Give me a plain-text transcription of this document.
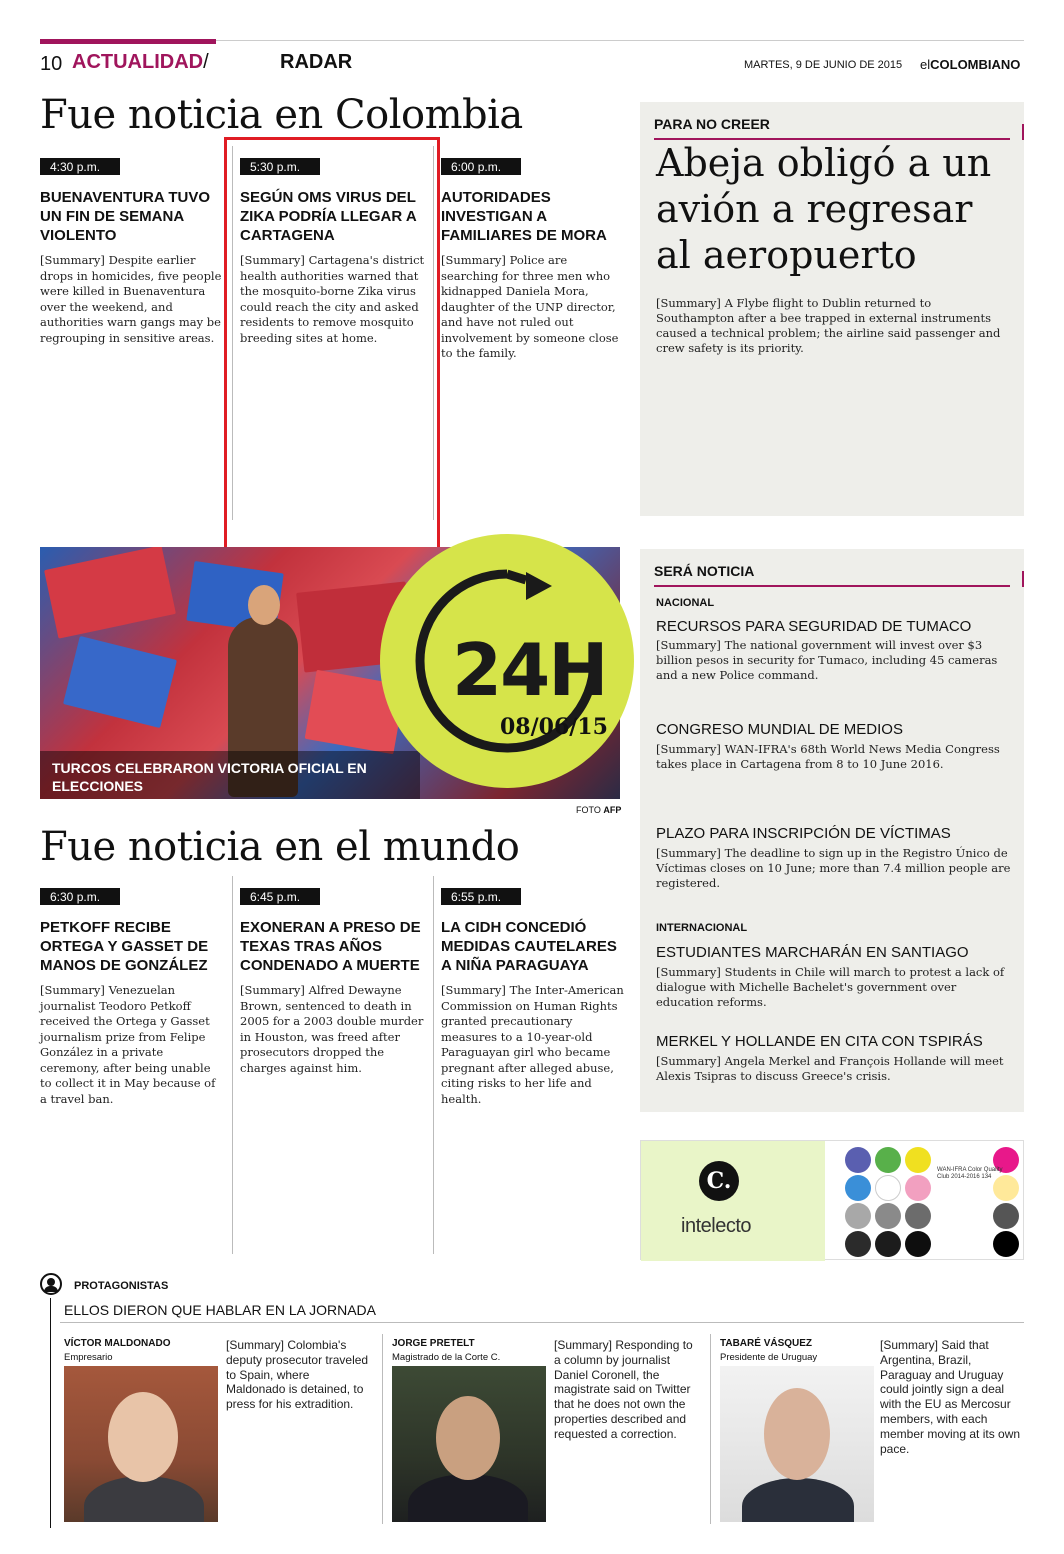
10 ACTUALIDAD/	RADAR	MARTES, 9 DE JUNIO DE 2015 elCOLOMBIANO
Fue noticia en Colombia
4:30 p.m.
BUENAVENTURA TUVO UN FIN DE SEMANA VIOLENTO
[Summary] Despite earlier drops in homicides, five people were killed in Buenaventura over the weekend, and authorities warn gangs may be regrouping in sensitive areas.
5:30 p.m.
SEGÚN OMS VIRUS DEL ZIKA PODRÍA LLEGAR A CARTAGENA
[Summary] Cartagena's district health authorities warned that the mosquito-borne Zika virus could reach the city and asked residents to remove mosquito breeding sites at home.
6:00 p.m.
AUTORIDADES INVESTIGAN A FAMILIARES DE MORA
[Summary] Police are searching for three men who kidnapped Daniela Mora, daughter of the UNP director, and have not ruled out involvement by someone close to the family.
PARA NO CREER
Abeja obligó a un avión a regresar al aeropuerto
[Summary] A Flybe flight to Dublin returned to Southampton after a bee trapped in external instruments caused a technical problem; the airline said passenger and crew safety is its priority.
TURCOS CELEBRARON VICTORIA OFICIAL EN ELECCIONES
24H
08/06/15
FOTO AFP
Fue noticia en el mundo
6:30 p.m.
PETKOFF RECIBE ORTEGA Y GASSET DE MANOS DE GONZÁLEZ
[Summary] Venezuelan journalist Teodoro Petkoff received the Ortega y Gasset journalism prize from Felipe González in a private ceremony, after being unable to collect it in May because of a travel ban.
6:45 p.m.
EXONERAN A PRESO DE TEXAS TRAS AÑOS CONDENADO A MUERTE
[Summary] Alfred Dewayne Brown, sentenced to death in 2005 for a 2003 double murder in Houston, was freed after prosecutors dropped the charges against him.
6:55 p.m.
LA CIDH CONCEDIÓ MEDIDAS CAUTELARES A NIÑA PARAGUAYA
[Summary] The Inter-American Commission on Human Rights granted precautionary measures to a 10-year-old Paraguayan girl who became pregnant after alleged abuse, citing risks to her life and health.
SERÁ NOTICIA
NACIONAL
RECURSOS PARA SEGURIDAD DE TUMACO
[Summary] The national government will invest over $3 billion pesos in security for Tumaco, including 45 cameras and a new Police command.
CONGRESO MUNDIAL DE MEDIOS
[Summary] WAN-IFRA's 68th World News Media Congress takes place in Cartagena from 8 to 10 June 2016.
PLAZO PARA INSCRIPCIÓN DE VÍCTIMAS
[Summary] The deadline to sign up in the Registro Único de Víctimas closes on 10 June; more than 7.4 million people are registered.
INTERNACIONAL
ESTUDIANTES MARCHARÁN EN SANTIAGO
[Summary] Students in Chile will march to protest a lack of dialogue with Michelle Bachelet's government over education reforms.
MERKEL Y HOLLANDE EN CITA CON TSPIRÁS
[Summary] Angela Merkel and François Hollande will meet Alexis Tsipras to discuss Greece's crisis.
C.
intelecto
WAN-IFRA Color Quality Club 2014-2016 134
PROTAGONISTAS
ELLOS DIERON QUE HABLAR EN LA JORNADA
VÍCTOR MALDONADO
Empresario
[Summary] Colombia's deputy prosecutor traveled to Spain, where Maldonado is detained, to press for his extradition.
JORGE PRETELT
Magistrado de la Corte C.
[Summary] Responding to a column by journalist Daniel Coronell, the magistrate said on Twitter that he does not own the properties described and requested a correction.
TABARÉ VÁSQUEZ
Presidente de Uruguay
[Summary] Said that Argentina, Brazil, Paraguay and Uruguay could jointly sign a deal with the EU as Mercosur members, with each member moving at its own pace.
